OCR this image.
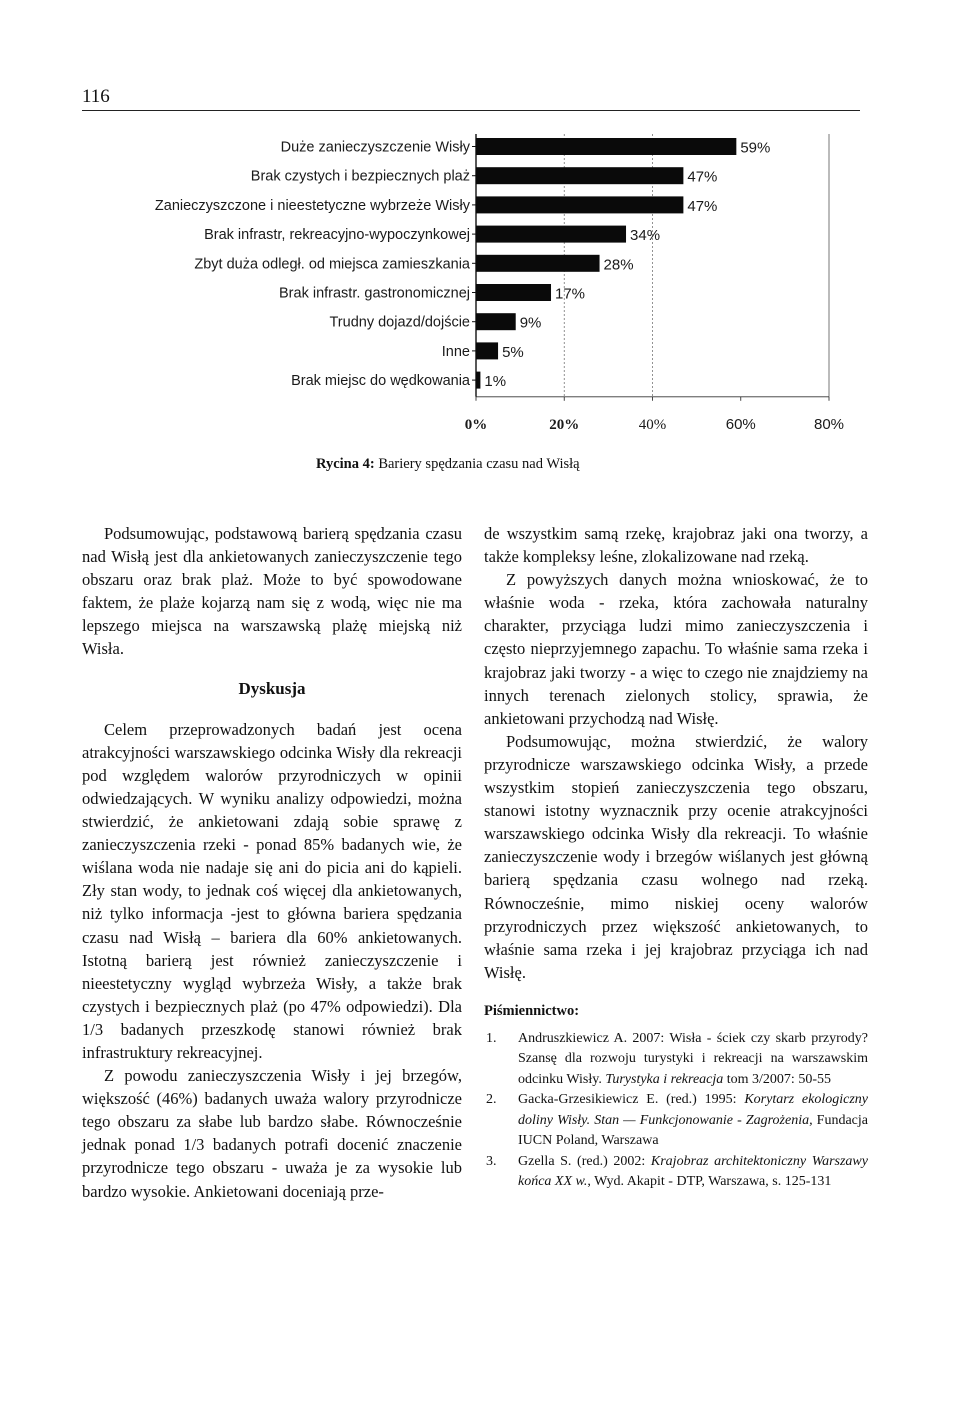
116
Duże zanieczyszczenie Wisły	59%
Brak czystych i bezpiecznych plaż	47%
Zanieczyszczone i nieestetyczne wybrzeże Wisły	47%
Brak infrastr, rekreacyjno-wypoczynkowej	34%
Zbyt duża odległ. od miejsca zamieszkania	28%
Brak infrastr. gastronomicznej	17%
Trudny dojazd/dojście	9%
Inne 5%
Brak miejsc do wędkowania 1%
0%	20%	40%	60%	80%
Rycina 4: Bariery spędzania czasu nad Wisłą

Podsumowując, podstawową barierą spędzania czasu nad Wisłą jest dla ankietowanych zanieczyszczenie tego obszaru oraz brak plaż. Może to być spowodowane faktem, że plaże kojarzą nam się z wodą, więc nie ma lepszego miejsca na warszawską plażę miejską niż Wisła.

Dyskusja

Celem przeprowadzonych badań jest ocena atrakcyjności warszawskiego odcinka Wisły dla rekreacji pod względem walorów przyrodniczych w opinii odwiedzających. W wyniku analizy odpowiedzi, można stwierdzić, że ankietowani zdają sobie sprawę z zanieczyszczenia rzeki - ponad 85% badanych wie, że wiślana woda nie nadaje się ani do picia ani do kąpieli. Zły stan wody, to jednak coś więcej dla ankietowanych, niż tylko informacja -jest to główna bariera spędzania czasu nad Wisłą – bariera dla 60% ankietowanych. Istotną barierą jest również zanieczyszczenie i nieestetyczny wygląd wybrzeża Wisły, a także brak czystych i bezpiecznych plaż (po 47% odpowiedzi). Dla 1/3 badanych przeszkodę stanowi również brak infrastruktury rekreacyjnej.

Z powodu zanieczyszczenia Wisły i jej brzegów, większość (46%) badanych uważa walory przyrodnicze tego obszaru za słabe lub bardzo słabe. Równocześnie jednak ponad 1/3 badanych potrafi docenić znaczenie przyrodnicze tego obszaru - uważa je za wysokie lub bardzo wysokie. Ankietowani doceniają prze-

de wszystkim samą rzekę, krajobraz jaki ona tworzy, a także kompleksy leśne, zlokalizowane nad rzeką.

Z powyższych danych można wnioskować, że to właśnie woda - rzeka, która zachowała naturalny charakter, przyciąga ludzi mimo zanieczyszczenia i często nieprzyjemnego zapachu. To właśnie sama rzeka i krajobraz jaki tworzy - a więc to czego nie znajdziemy na innych terenach zielonych stolicy, sprawia, że ankietowani przychodzą nad Wisłę.

Podsumowując, można stwierdzić, że walory przyrodnicze warszawskiego odcinka Wisły, a przede wszystkim stopień zanieczyszczenia tego obszaru, stanowi istotny wyznacznik przy ocenie atrakcyjności warszawskiego odcinka Wisły dla rekreacji. To właśnie zanieczyszczenie wody i brzegów wiślanych jest główną barierą spędzania czasu wolnego nad rzeką. Równocześnie, mimo niskiej oceny walorów przyrodniczych przez większość ankietowanych, to właśnie sama rzeka i jej krajobraz przyciąga ich nad Wisłę.

Piśmiennictwo:
1. Andruszkiewicz A. 2007: Wisła - ściek czy skarb przyrody? Szansę dla rozwoju turystyki i rekreacji na warszawskim odcinku Wisły. Turystyka i rekreacja tom 3/2007: 50-55
2. Gacka-Grzesikiewicz E. (red.) 1995: Korytarz ekologiczny doliny Wisły. Stan — Funkcjonowanie - Zagrożenia, Fundacja IUCN Poland, Warszawa
3. Gzella S. (red.) 2002: Krajobraz architektoniczny Warszawy końca XX w., Wyd. Akapit - DTP, Warszawa, s. 125-131
